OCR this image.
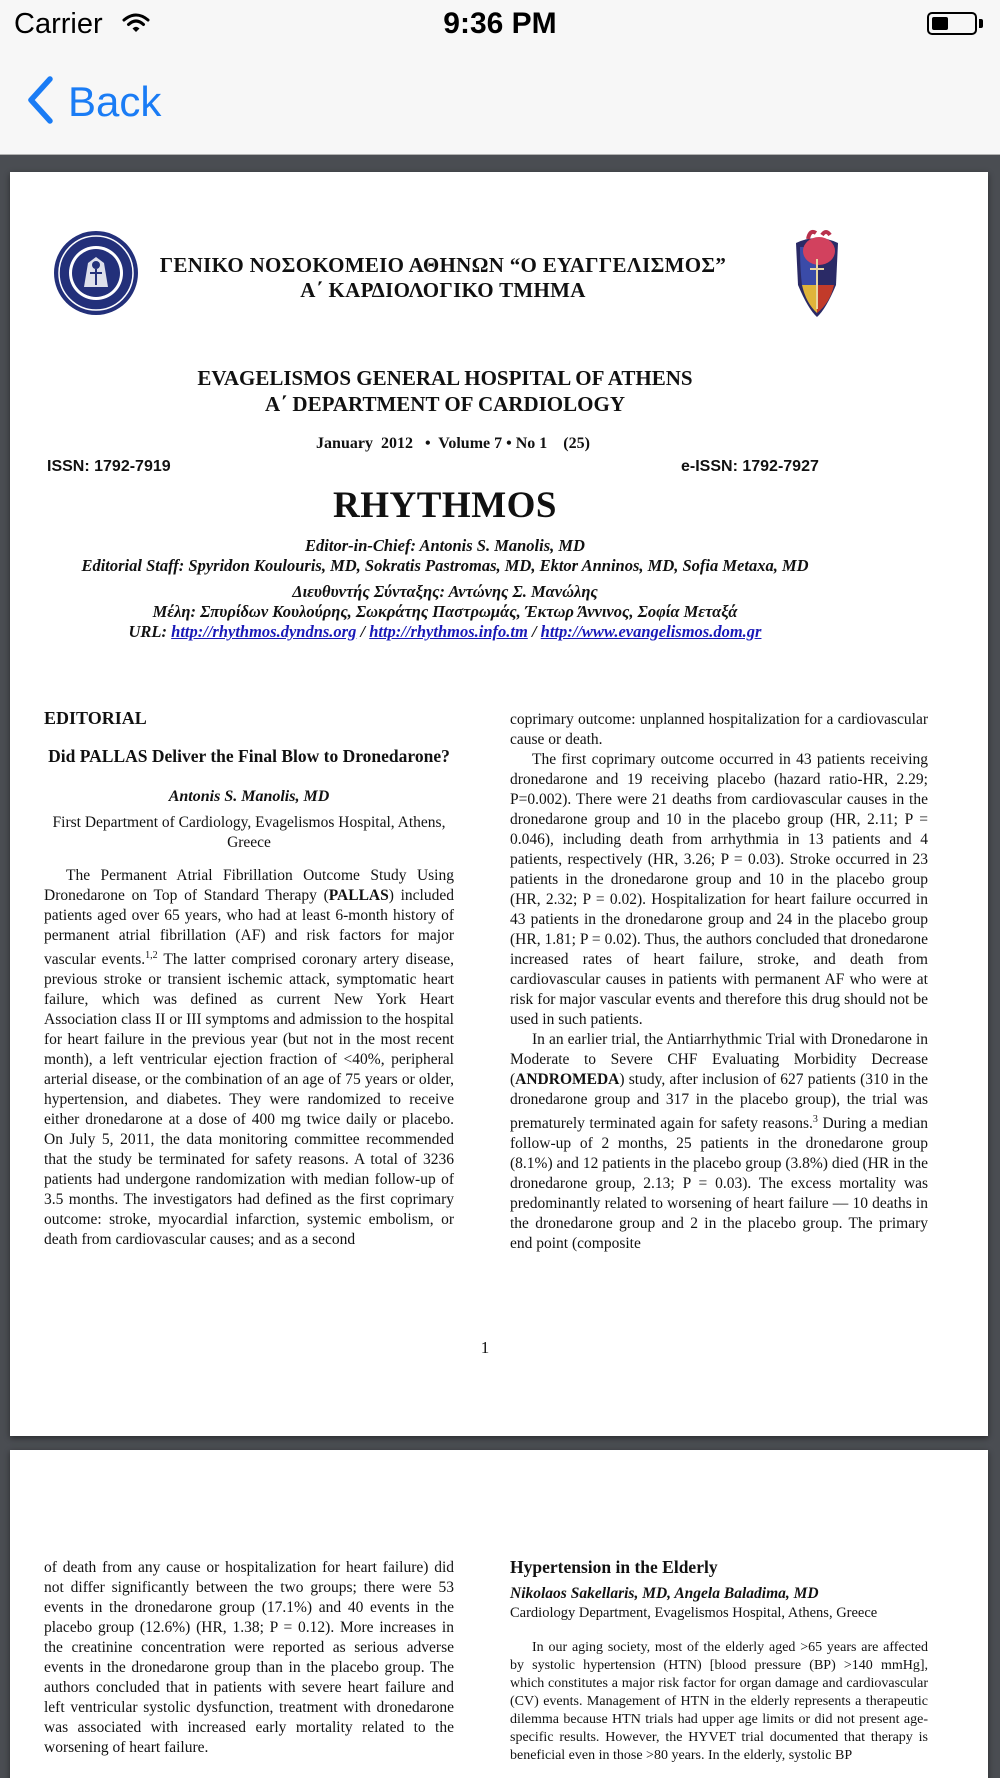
Carrier	9:36 PM
Back
ΓΕΝΙΚΟ ΝΟΣΟΚΟΜΕΙΟ ΑΘΗΝΩΝ “Ο ΕΥΑΓΓΕΛΙΣΜΟΣ”
Α΄ ΚΑΡΔΙΟΛΟΓΙΚΟ ΤΜΗΜΑ
EVAGELISMOS GENERAL HOSPITAL OF ATHENS
A΄ DEPARTMENT OF CARDIOLOGY
January  2012   •  Volume 7 • No 1    (25)
ISSN: 1792-7919	e-ISSN: 1792-7927
RHYTHMOS
Editor-in-Chief: Antonis S. Manolis, MD
Editorial Staff: Spyridon Koulouris, MD, Sokratis Pastromas, MD, Ektor Anninos, MD, Sofia Metaxa, MD
Διευθυντής Σύνταξης: Αντώνης Σ. Μανώλης
Μέλη: Σπυρίδων Κουλούρης, Σωκράτης Παστρωμάς, Έκτωρ Άννινος, Σοφία Μεταξά
URL: http://rhythmos.dyndns.org / http://rhythmos.info.tm / http://www.evangelismos.dom.gr
EDITORIAL
Did PALLAS Deliver the Final Blow to Dronedarone?
Antonis S. Manolis, MD
First Department of Cardiology, Evagelismos Hospital, Athens, Greece

The Permanent Atrial Fibrillation Outcome Study Using Dronedarone on Top of Standard Therapy (PALLAS) included patients aged over 65 years, who had at least 6-month history of permanent atrial fibrillation (AF) and risk factors for major vascular events.$^{1,2}$ The latter comprised coronary artery disease, previous stroke or transient ischemic attack, symptomatic heart failure, which was defined as current New York Heart Association class II or III symptoms and admission to the hospital for heart failure in the previous year (but not in the most recent month), a left ventricular ejection fraction of <40%, peripheral arterial disease, or the combination of an age of 75 years or older, hypertension, and diabetes. They were randomized to receive either dronedarone at a dose of 400 mg twice daily or placebo. On July 5, 2011, the data monitoring committee recommended that the study be terminated for safety reasons. A total of 3236 patients had undergone randomization with median follow-up of 3.5 months. The investigators had defined as the first coprimary outcome: stroke, myocardial infarction, systemic embolism, or death from cardiovascular causes; and as a second

coprimary outcome: unplanned hospitalization for a cardiovascular cause or death.

The first coprimary outcome occurred in 43 patients receiving dronedarone and 19 receiving placebo (hazard ratio-HR, 2.29; P=0.002). There were 21 deaths from cardiovascular causes in the dronedarone group and 10 in the placebo group (HR, 2.11; P = 0.046), including death from arrhythmia in 13 patients and 4 patients, respectively (HR, 3.26; P = 0.03). Stroke occurred in 23 patients in the dronedarone group and 10 in the placebo group (HR, 2.32; P = 0.02). Hospitalization for heart failure occurred in 43 patients in the dronedarone group and 24 in the placebo group (HR, 1.81; P = 0.02). Thus, the authors concluded that dronedarone increased rates of heart failure, stroke, and death from cardiovascular causes in patients with permanent AF who were at risk for major vascular events and therefore this drug should not be used in such patients.

In an earlier trial, the Antiarrhythmic Trial with Dronedarone in Moderate to Severe CHF Evaluating Morbidity Decrease (ANDROMEDA) study, after inclusion of 627 patients (310 in the dronedarone group and 317 in the placebo group), the trial was prematurely terminated again for safety reasons.$^3$ During a median follow-up of 2 months, 25 patients in the dronedarone group (8.1%) and 12 patients in the placebo group (3.8%) died (HR in the dronedarone group, 2.13; P = 0.03). The excess mortality was predominantly related to worsening of heart failure — 10 deaths in the dronedarone group and 2 in the placebo group. The primary end point (composite

1

of death from any cause or hospitalization for heart failure) did not differ significantly between the two groups; there were 53 events in the dronedarone group (17.1%) and 40 events in the placebo group (12.6%) (HR, 1.38; P = 0.12). More increases in the creatinine concentration were reported as serious adverse events in the dronedarone group than in the placebo group. The authors concluded that in patients with severe heart failure and left ventricular systolic dysfunction, treatment with dronedarone was associated with increased early mortality related to the worsening of heart failure.

Hypertension in the Elderly
Nikolaos Sakellaris, MD, Angela Baladima, MD
Cardiology Department, Evagelismos Hospital, Athens, Greece

In our aging society, most of the elderly aged >65 years are affected by systolic hypertension (HTN) [blood pressure (BP) >140 mmHg], which constitutes a major risk factor for organ damage and cardiovascular (CV) events. Management of HTN in the elderly represents a therapeutic dilemma because HTN trials had upper age limits or did not present age-specific results. However, the HYVET trial documented that therapy is beneficial even in those >80 years. In the elderly, systolic BP
